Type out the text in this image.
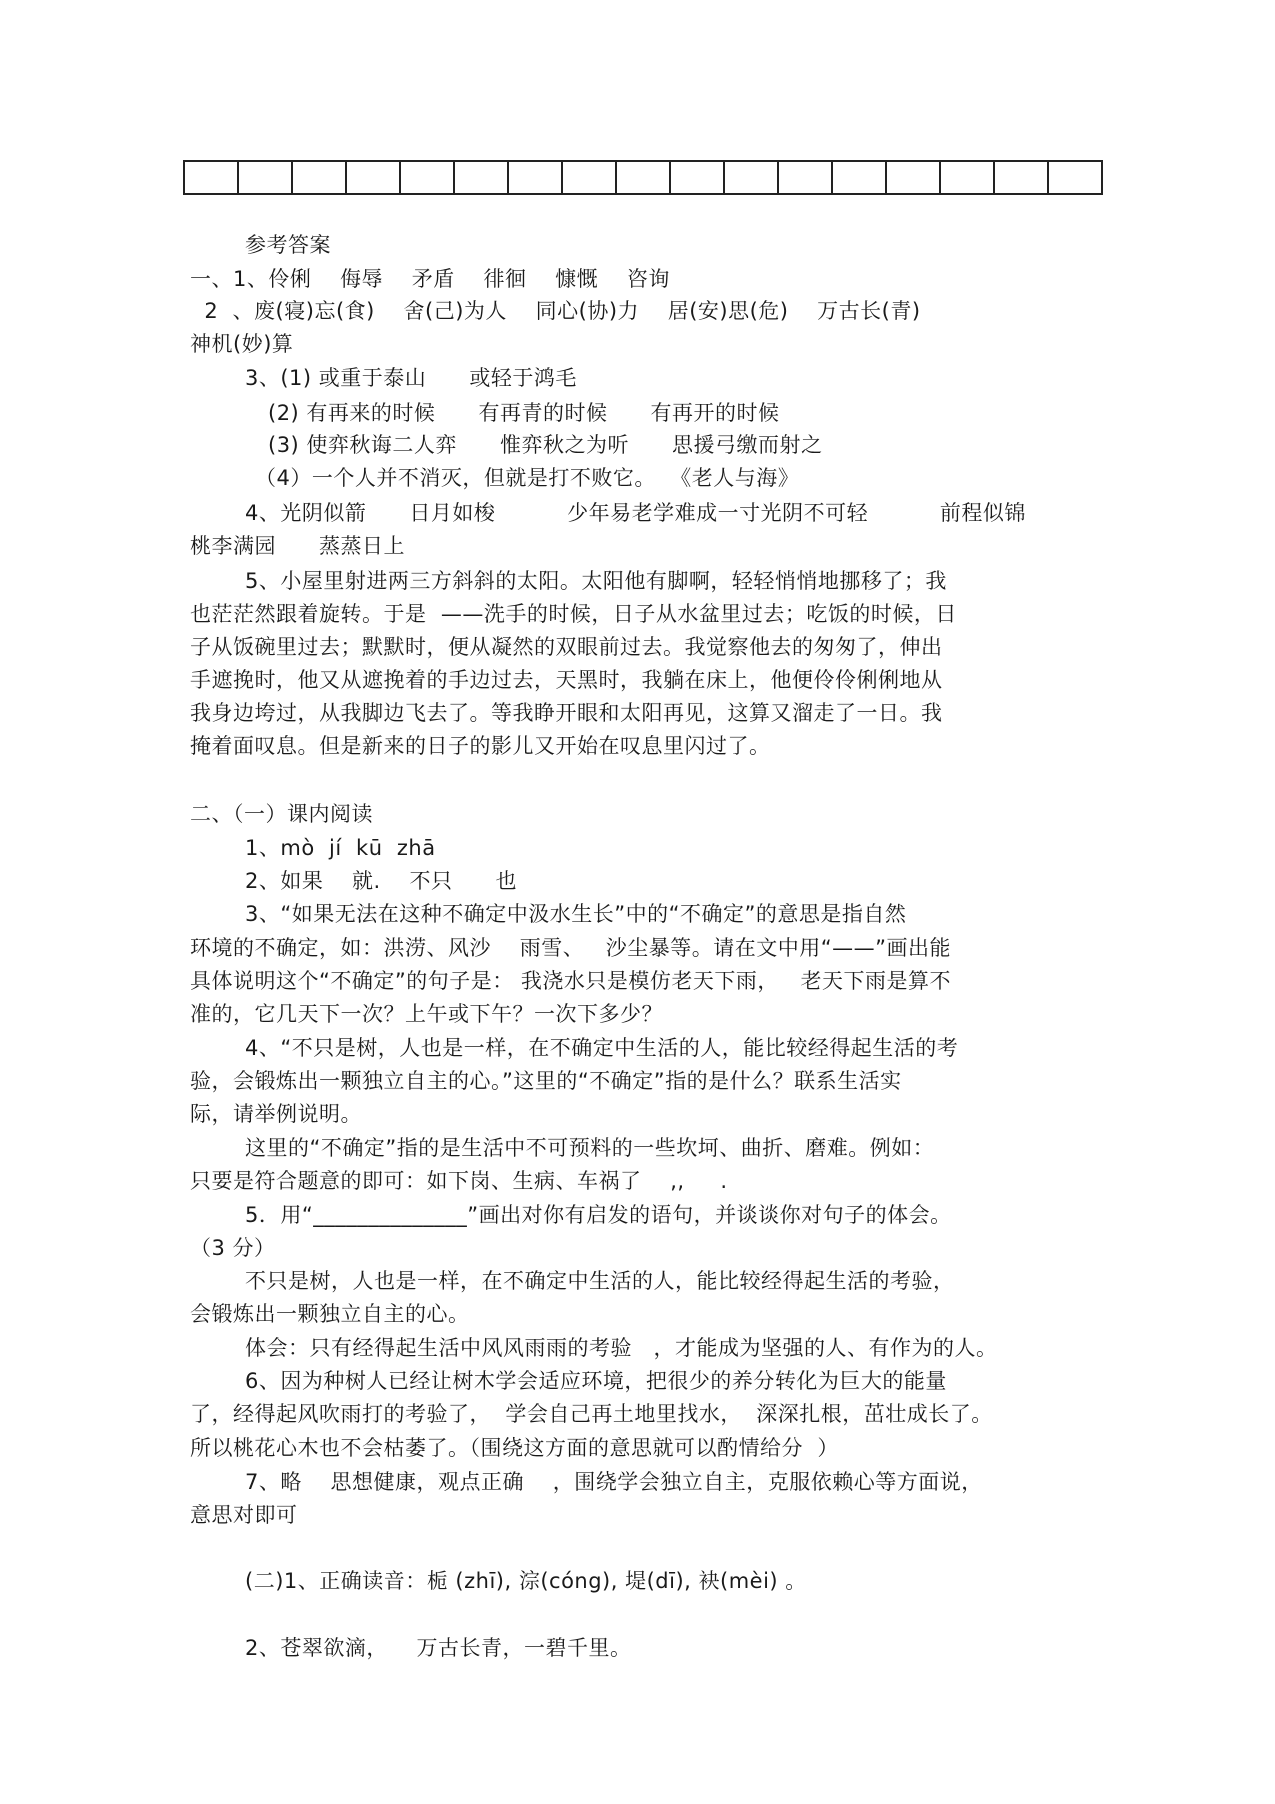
参考答案
一、1、伶俐    侮辱    矛盾    徘徊    慷慨    咨询
2  、废(寝)忘(食)    舍(己)为人    同心(协)力    居(安)思(危)    万古长(青)
神机(妙)算
3、(1) 或重于泰山      或轻于鸿毛
(2) 有再来的时候      有再青的时候      有再开的时候
(3) 使弈秋诲二人弈      惟弈秋之为听      思援弓缴而射之
（4）一个人并不消灭，但就是打不败它。  《老人与海》
4、光阴似箭      日月如梭          少年易老学难成一寸光阴不可轻          前程似锦
桃李满园      蒸蒸日上
5、小屋里射进两三方斜斜的太阳。太阳他有脚啊，轻轻悄悄地挪移了；我
也茫茫然跟着旋转。于是  ——洗手的时候，日子从水盆里过去；吃饭的时候，日
子从饭碗里过去；默默时，便从凝然的双眼前过去。我觉察他去的匆匆了，伸出
手遮挽时，他又从遮挽着的手边过去，天黑时，我躺在床上，他便伶伶俐俐地从
我身边垮过，从我脚边飞去了。等我睁开眼和太阳再见，这算又溜走了一日。我
掩着面叹息。但是新来的日子的影儿又开始在叹息里闪过了。
二、（一）课内阅读
1、mò  jí  kū  zhā
2、如果    就.    不只      也
3、“如果无法在这种不确定中汲水生长”中的“不确定”的意思是指自然
环境的不确定，如：洪涝、风沙    雨雪、   沙尘暴等。请在文中用“——”画出能
具体说明这个“不确定”的句子是： 我浇水只是模仿老天下雨，   老天下雨是算不
准的，它几天下一次？上午或下午？一次下多少？
4、“不只是树，人也是一样，在不确定中生活的人，能比较经得起生活的考
验，会锻炼出一颗独立自主的心。”这里的“不确定”指的是什么？联系生活实
际，请举例说明。
这里的“不确定”指的是生活中不可预料的一些坎坷、曲折、磨难。例如：
只要是符合题意的即可：如下岗、生病、车祸了    ,,     .
5．用“______________”画出对你有启发的语句，并谈谈你对句子的体会。
（3 分）
不只是树，人也是一样，在不确定中生活的人，能比较经得起生活的考验，
会锻炼出一颗独立自主的心。
体会：只有经得起生活中风风雨雨的考验   ，才能成为坚强的人、有作为的人。
6、因为种树人已经让树木学会适应环境，把很少的养分转化为巨大的能量
了，经得起风吹雨打的考验了，  学会自己再土地里找水，  深深扎根，茁壮成长了。
所以桃花心木也不会枯萎了。（围绕这方面的意思就可以酌情给分  ）
7、略    思想健康，观点正确    ，围绕学会独立自主，克服依赖心等方面说，
意思对即可
(二)1、正确读音：栀 (zhī), 淙(cóng), 堤(dī), 袂(mèi) 。
2、苍翠欲滴，    万古长青，一碧千里。
